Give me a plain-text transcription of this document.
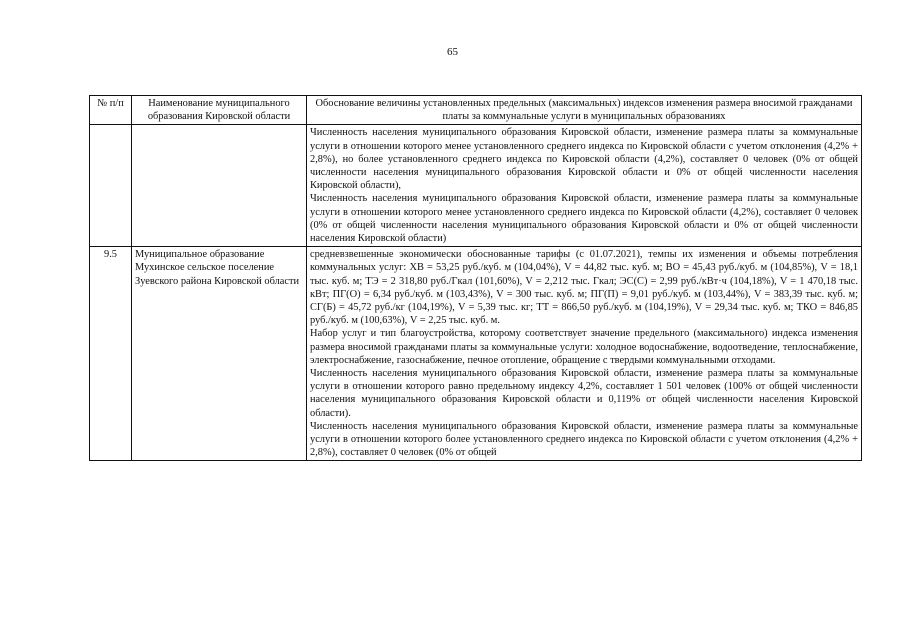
65
№ п/п	Наименование муниципального образования Кировской области	Обоснование величины установленных предельных (максимальных) индексов изменения размера вносимой гражданами платы за коммунальные услуги в муниципальных образованиях

		Численность населения муниципального образования Кировской области, изменение размера платы за коммунальные услуги в отношении которого менее установленного среднего индекса по Кировской области с учетом отклонения (4,2% + 2,8%), но более установленного среднего индекса по Кировской области (4,2%), составляет 0 человек (0% от общей численности населения муниципального образования Кировской области и 0% от общей численности населения Кировской области),
Численность населения муниципального образования Кировской области, изменение размера платы за коммунальные услуги в отношении которого менее установленного среднего индекса по Кировской области (4,2%), составляет 0 человек (0% от общей численности населения муниципального образования Кировской области и 0% от общей численности населения Кировской области)

9.5	Муниципальное образование Мухинское сельское поселение Зуевского района Кировской области	средневзвешенные экономически обоснованные тарифы (с 01.07.2021), темпы их изменения и объемы потребления коммунальных услуг: ХВ = 53,25 руб./куб. м (104,04%), V = 44,82 тыс. куб. м; ВО = 45,43 руб./куб. м (104,85%), V = 18,1 тыс. куб. м; ТЭ = 2 318,80 руб./Гкал (101,60%), V = 2,212 тыс. Гкал; ЭС(С) = 2,99 руб./кВт·ч (104,18%), V = 1 470,18 тыс. кВт; ПГ(О) = 6,34 руб./куб. м (103,43%), V = 300 тыс. куб. м; ПГ(П) = 9,01 руб./куб. м (103,44%), V = 383,39 тыс. куб. м; СГ(Б) = 45,72 руб./кг (104,19%), V = 5,39 тыс. кг; ТТ = 866,50 руб./куб. м (104,19%), V = 29,34 тыс. куб. м; ТКО = 846,85 руб./куб. м (100,63%), V = 2,25 тыс. куб. м.
Набор услуг и тип благоустройства, которому соответствует значение предельного (максимального) индекса изменения размера вносимой гражданами платы за коммунальные услуги: холодное водоснабжение, водоотведение, теплоснабжение, электроснабжение, газоснабжение, печное отопление, обращение с твердыми коммунальными отходами.
Численность населения муниципального образования Кировской области, изменение размера платы за коммунальные услуги в отношении которого равно предельному индексу 4,2%, составляет 1 501 человек (100% от общей численности населения муниципального образования Кировской области и 0,119% от общей численности населения Кировской области).
Численность населения муниципального образования Кировской области, изменение размера платы за коммунальные услуги в отношении которого более установленного среднего индекса по Кировской области с учетом отклонения (4,2% + 2,8%), составляет 0 человек (0% от общей
